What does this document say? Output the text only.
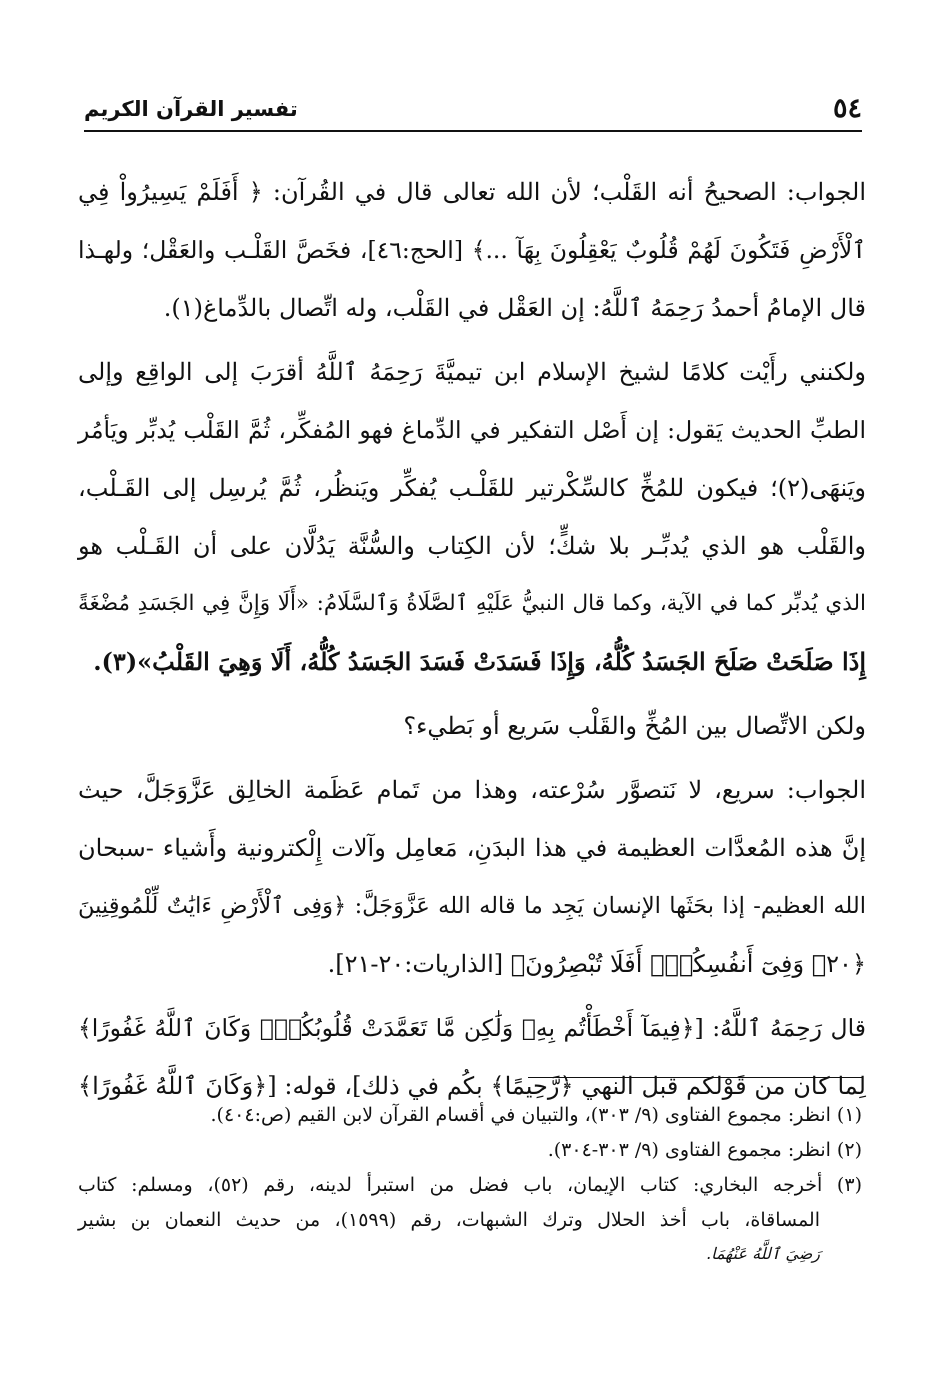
٥٤
تفسير القرآن الكريم

الجواب: الصحيحُ أنه القَلْب؛ لأن الله تعالى قال في القُرآن: ﴿ أَفَلَمْ يَسِيرُواْ فِي
ٱلْأَرْضِ فَتَكُونَ لَهُمْ قُلُوبٌ يَعْقِلُونَ بِهَآ ...﴾ [الحج:٤٦]، فخَصَّ القَلْـب والعَقْل؛ ولهـذا
قال الإمامُ أحمدُ رَحِمَهُ ٱللَّهُ: إن العَقْل في القَلْب، وله اتِّصال بالدِّماغ(١).

ولكنني رأَيْت كلامًا لشيخ الإسلام ابن تيميَّةَ رَحِمَهُ ٱللَّهُ أقرَبَ إلى الواقِع وإلى
الطبِّ الحديث يَقول: إن أَصْل التفكير في الدِّماغ فهو المُفكِّر، ثُمَّ القَلْب يُدبِّر ويَأمُر
ويَنهَى(٢)؛ فيكون للمُخِّ كالسِّكْرتير للقَلْـب يُفكِّر ويَنظُر، ثُمَّ يُرسِل إلى القَـلْب،
والقَلْب هو الذي يُدبِّـر بلا شكٍّ؛ لأن الكِتاب والسُّنَّة يَدُلَّان على أن القَـلْب هو
الذي يُدبِّر كما في الآية، وكما قال النبيُّ عَلَيْهِ ٱلصَّلَاةُ وَٱلسَّلَامُ: «أَلَا وَإِنَّ فِي الجَسَدِ مُضْغَةً
إِذَا صَلَحَتْ صَلَحَ الجَسَدُ كُلُّهُ، وَإِذَا فَسَدَتْ فَسَدَ الجَسَدُ كُلُّهُ، أَلَا وَهِيَ القَلْبُ»(٣).

ولكن الاتِّصال بين المُخِّ والقَلْب سَريع أو بَطيء؟

الجواب: سريع، لا نَتصوَّر سُرْعته، وهذا من تَمام عَظَمة الخالِق عَزَّوَجَلَّ، حيث
إنَّ هذه المُعدَّات العظيمة في هذا البدَنِ، مَعامِل وآلات إِلْكترونية وأَشياء -سبحان
الله العظيم- إذا بحَثَها الإنسان يَجِد ما قاله الله عَزَّوَجَلَّ: ﴿وَفِى ٱلْأَرْضِ ءَايَٰتٌ لِّلْمُوقِنِينَ
﴿٢٠﴾ وَفِىٓ أَنفُسِكُمْۚ أَفَلَا تُبْصِرُونَ﴾ [الذاريات:٢٠-٢١].

قال رَحِمَهُ ٱللَّهُ: [﴿فِيمَآ أَخْطَأْتُم بِهِۦ وَلَٰكِن مَّا تَعَمَّدَتْ قُلُوبُكُمْۚ وَكَانَ ٱللَّهُ غَفُورًا﴾
لِما كان من قَوْلكم قبل النهي ﴿رَّحِيمًا﴾ بكُم في ذلك]، قوله: [﴿وَكَانَ ٱللَّهُ غَفُورًا﴾

(١) انظر: مجموع الفتاوى (٩/ ٣٠٣)، والتبيان في أقسام القرآن لابن القيم (ص:٤٠٤).

(٢) انظر: مجموع الفتاوى (٩/ ٣٠٣-٣٠٤).

(٣) أخرجه البخاري: كتاب الإيمان، باب فضل من استبرأ لدينه، رقم (٥٢)، ومسلم: كتاب
المساقاة، باب أخذ الحلال وترك الشبهات، رقم (١٥٩٩)، من حديث النعمان بن بشير
رَضِيَ ٱللَّهُ عَنْهُمَا.
